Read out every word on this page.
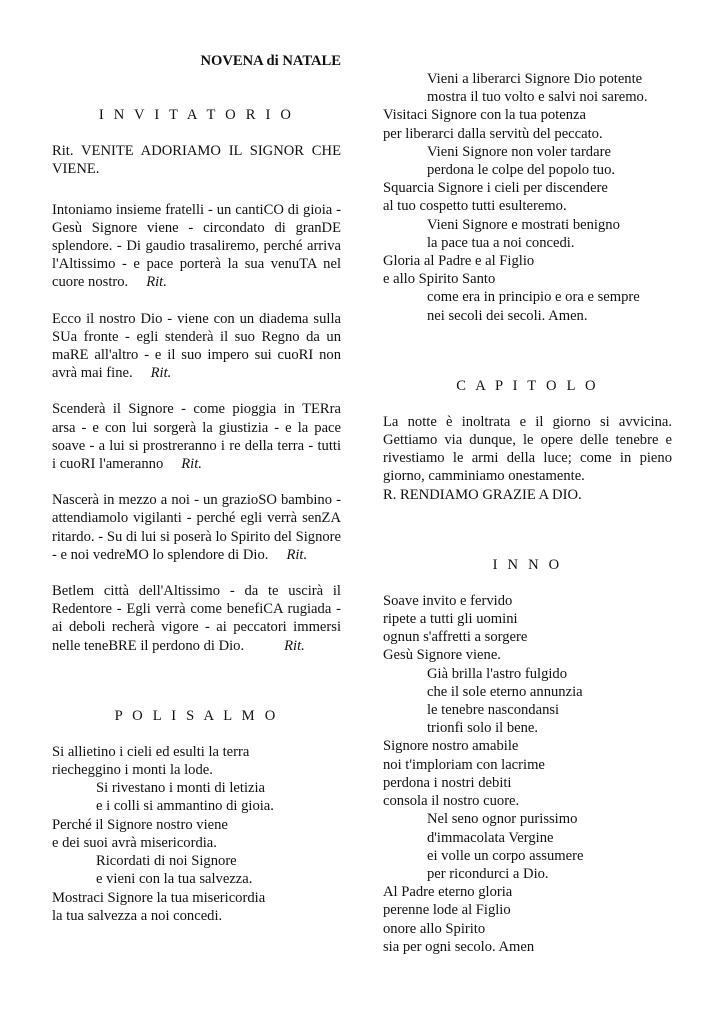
NOVENA di NATALE
I N V I T A T O R I O
Rit. VENITE ADORIAMO IL SIGNOR CHE VIENE.
Intoniamo insieme fratelli - un cantiCO di gioia - Gesù Signore viene - circondato di granDE splendore. - Di gaudio trasaliremo, perché arriva l'Altissimo - e pace porterà la sua venuTA nel cuore nostro. Rit.
Ecco il nostro Dio - viene con un diadema sulla SUa fronte - egli stenderà il suo Regno da un maRE all'altro - e il suo impero sui cuoRI non avrà mai fine. Rit.
Scenderà il Signore - come pioggia in TERra arsa - e con lui sorgerà la giustizia - e la pace soave - a lui si prostreranno i re della terra - tutti i cuoRI l'ameranno Rit.
Nascerà in mezzo a noi - un grazioSO bambino - attendiamolo vigilanti - perché egli verrà senZA ritardo. - Su di lui si poserà lo Spirito del Signore - e noi vedreMO lo splendore di Dio. Rit.
Betlem città dell'Altissimo - da te uscirà il Redentore - Egli verrà come benefiCA rugiada - ai deboli recherà vigore - ai peccatori immersi nelle teneBRE il perdono di Dio.	Rit.
P O L I S A L M O
Si allietino i cieli ed esulti la terra
riecheggino i monti la lode.
Si rivestano i monti di letizia
e i colli si ammantino di gioia.
Perché il Signore nostro viene
e dei suoi avrà misericordia.
Ricordati di noi Signore
e vieni con la tua salvezza.
Mostraci Signore la tua misericordia
la tua salvezza a noi concedi.
Vieni a liberarci Signore Dio potente
mostra il tuo volto e salvi noi saremo.
Visitaci Signore con la tua potenza
per liberarci dalla servitù del peccato.
Vieni Signore non voler tardare
perdona le colpe del popolo tuo.
Squarcia Signore i cieli per discendere
al tuo cospetto tutti esulteremo.
Vieni Signore e mostrati benigno
la pace tua a noi concedi.
Gloria al Padre e al Figlio
e allo Spirito Santo
come era in principio e ora e sempre
nei secoli dei secoli. Amen.
C A P I T O L O
La notte è inoltrata e il giorno si avvicina. Gettiamo via dunque, le opere delle tenebre e rivestiamo le armi della luce; come in pieno giorno, camminiamo onestamente.
R. RENDIAMO GRAZIE A DIO.
I N N O
Soave invito e fervido
ripete a tutti gli uomini
ognun s'affretti a sorgere
Gesù Signore viene.
Già brilla l'astro fulgido
che il sole eterno annunzia
le tenebre nascondansi
trionfi solo il bene.
Signore nostro amabile
noi t'imploriam con lacrime
perdona i nostri debiti
consola il nostro cuore.
Nel seno ognor purissimo
d'immacolata Vergine
ei volle un corpo assumere
per ricondurci a Dio.
Al Padre eterno gloria
perenne lode al Figlio
onore allo Spirito
sia per ogni secolo. Amen
